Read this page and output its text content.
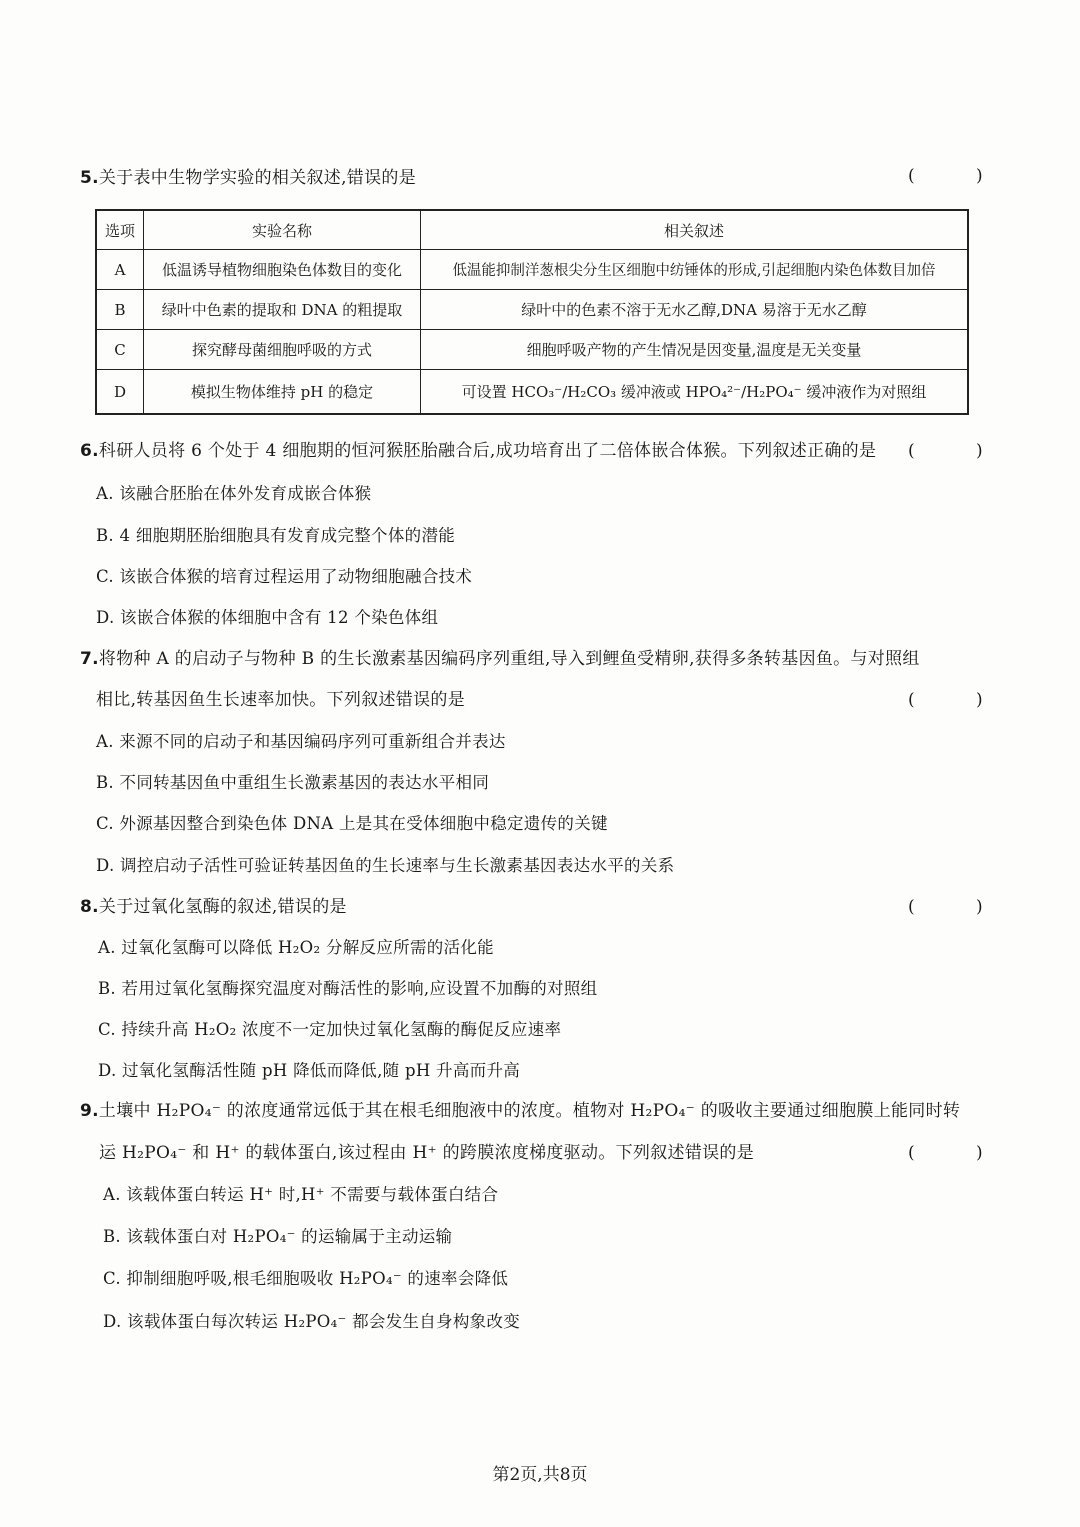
5.关于表中生物学实验的相关叙述,错误的是	( )
选项	实验名称	相关叙述
A	低温诱导植物细胞染色体数目的变化	低温能抑制洋葱根尖分生区细胞中纺锤体的形成,引起细胞内染色体数目加倍
B	绿叶中色素的提取和 DNA 的粗提取	绿叶中的色素不溶于无水乙醇,DNA 易溶于无水乙醇
C	探究酵母菌细胞呼吸的方式	细胞呼吸产物的产生情况是因变量,温度是无关变量
D	模拟生物体维持 pH 的稳定	可设置 HCO₃⁻/H₂CO₃ 缓冲液或 HPO₄²⁻/H₂PO₄⁻ 缓冲液作为对照组
6.科研人员将 6 个处于 4 细胞期的恒河猴胚胎融合后,成功培育出了二倍体嵌合体猴。下列叙述正确的是 ( )
A. 该融合胚胎在体外发育成嵌合体猴
B. 4 细胞期胚胎细胞具有发育成完整个体的潜能
C. 该嵌合体猴的培育过程运用了动物细胞融合技术
D. 该嵌合体猴的体细胞中含有 12 个染色体组
7.将物种 A 的启动子与物种 B 的生长激素基因编码序列重组,导入到鲤鱼受精卵,获得多条转基因鱼。与对照组
相比,转基因鱼生长速率加快。下列叙述错误的是	( )
A. 来源不同的启动子和基因编码序列可重新组合并表达
B. 不同转基因鱼中重组生长激素基因的表达水平相同
C. 外源基因整合到染色体 DNA 上是其在受体细胞中稳定遗传的关键
D. 调控启动子活性可验证转基因鱼的生长速率与生长激素基因表达水平的关系
8.关于过氧化氢酶的叙述,错误的是	( )
A. 过氧化氢酶可以降低 H₂O₂ 分解反应所需的活化能
B. 若用过氧化氢酶探究温度对酶活性的影响,应设置不加酶的对照组
C. 持续升高 H₂O₂ 浓度不一定加快过氧化氢酶的酶促反应速率
D. 过氧化氢酶活性随 pH 降低而降低,随 pH 升高而升高
9.土壤中 H₂PO₄⁻ 的浓度通常远低于其在根毛细胞液中的浓度。植物对 H₂PO₄⁻ 的吸收主要通过细胞膜上能同时转
运 H₂PO₄⁻ 和 H⁺ 的载体蛋白,该过程由 H⁺ 的跨膜浓度梯度驱动。下列叙述错误的是	( )
A. 该载体蛋白转运 H⁺ 时,H⁺ 不需要与载体蛋白结合
B. 该载体蛋白对 H₂PO₄⁻ 的运输属于主动运输
C. 抑制细胞呼吸,根毛细胞吸收 H₂PO₄⁻ 的速率会降低
D. 该载体蛋白每次转运 H₂PO₄⁻ 都会发生自身构象改变
第2页,共8页
